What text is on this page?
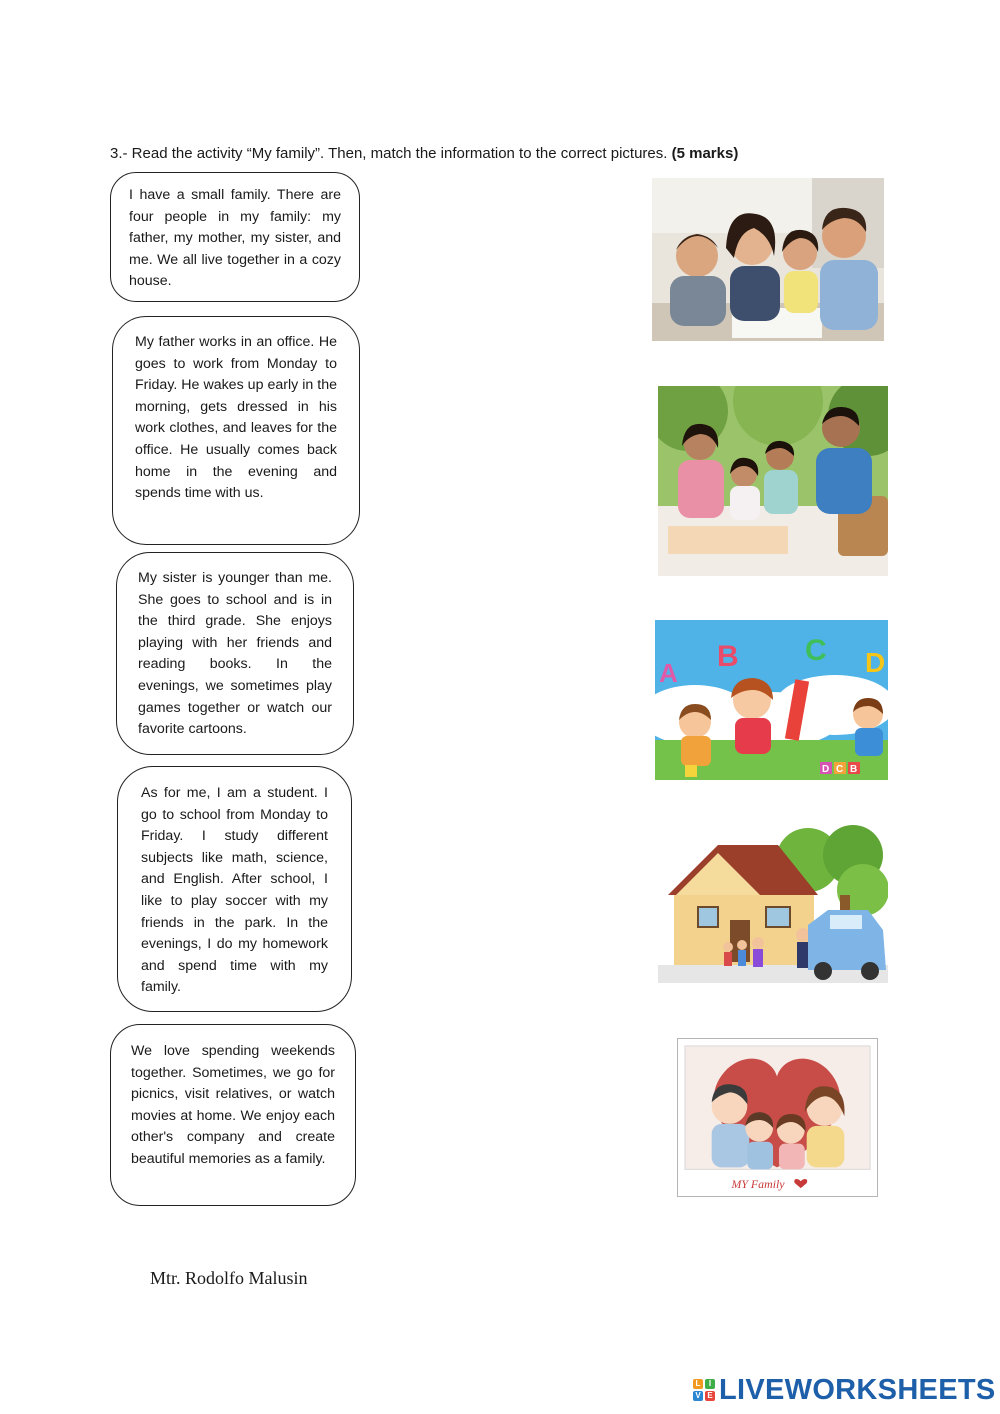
3.- Read the activity “My family”. Then, match the information to the correct pictures. (5 marks)
I have a small family. There are four people in my family: my father, my mother, my sister, and me. We all live together in a cozy house.
My father works in an office. He goes to work from Monday to Friday. He wakes up early in the morning, gets dressed in his work clothes, and leaves for the office. He usually comes back home in the evening and spends time with us.
My sister is younger than me. She goes to school and is in the third grade. She enjoys playing with her friends and reading books. In the evenings, we sometimes play games together or watch our favorite cartoons.
As for me, I am a student. I go to school from Monday to Friday. I study different subjects like math, science, and English. After school, I like to play soccer with my friends in the park. In the evenings, I do my homework and spend time with my family.
We love spending weekends together. Sometimes, we go for picnics, visit relatives, or watch movies at home. We enjoy each other's company and create beautiful memories as a family.
A B C D
D C B
MY Family
Mtr. Rodolfo Malusin
L	I
V E LIVEWORKSHEETS
